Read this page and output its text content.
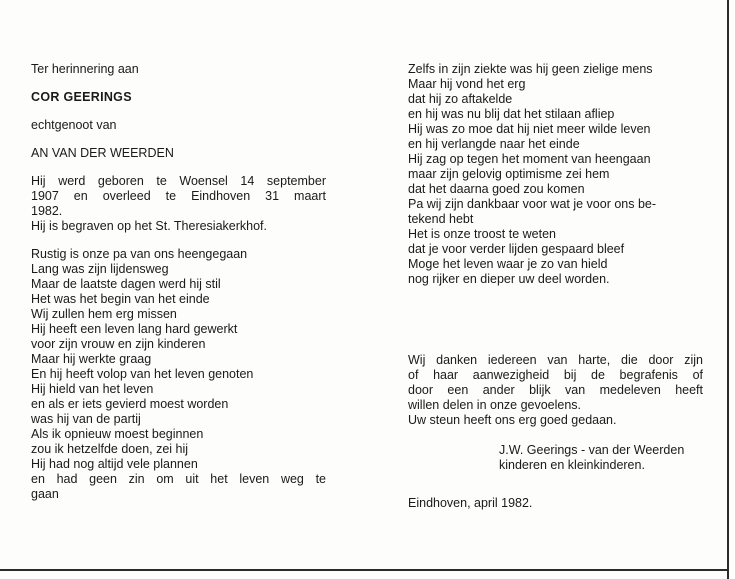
Ter herinnering aan
COR GEERINGS
echtgenoot van
AN VAN DER WEERDEN
Hij werd geboren te Woensel 14 september
1907 en overleed te Eindhoven 31 maart
1982.
Hij is begraven op het St. Theresiakerkhof.
Rustig is onze pa van ons heengegaan
Lang was zijn lijdensweg
Maar de laatste dagen werd hij stil
Het was het begin van het einde
Wij zullen hem erg missen
Hij heeft een leven lang hard gewerkt
voor zijn vrouw en zijn kinderen
Maar hij werkte graag
En hij heeft volop van het leven genoten
Hij hield van het leven
en als er iets gevierd moest worden
was hij van de partij
Als ik opnieuw moest beginnen
zou ik hetzelfde doen, zei hij
Hij had nog altijd vele plannen
en had geen zin om uit het leven weg te
gaan
Zelfs in zijn ziekte was hij geen zielige mens
Maar hij vond het erg
dat hij zo aftakelde
en hij was nu blij dat het stilaan afliep
Hij was zo moe dat hij niet meer wilde leven
en hij verlangde naar het einde
Hij zag op tegen het moment van heengaan
maar zijn gelovig optimisme zei hem
dat het daarna goed zou komen
Pa wij zijn dankbaar voor wat je voor ons be-
tekend hebt
Het is onze troost te weten
dat je voor verder lijden gespaard bleef
Moge het leven waar je zo van hield
nog rijker en dieper uw deel worden.
Wij danken iedereen van harte, die door zijn
of haar aanwezigheid bij de begrafenis of
door een ander blijk van medeleven heeft
willen delen in onze gevoelens.
Uw steun heeft ons erg goed gedaan.
J.W. Geerings - van der Weerden
kinderen en kleinkinderen.
Eindhoven, april 1982.
